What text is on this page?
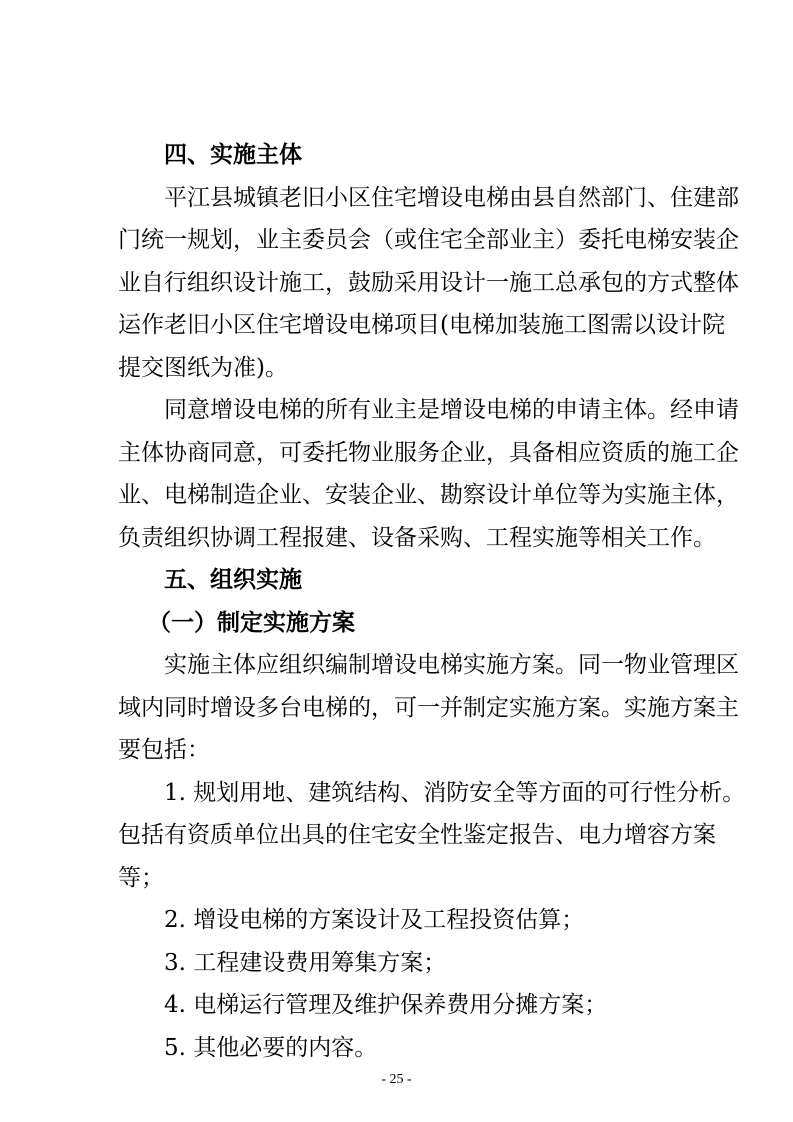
四、实施主体
平江县城镇老旧小区住宅增设电梯由县自然部门、住建部
门统一规划，业主委员会（或住宅全部业主）委托电梯安装企
业自行组织设计施工，鼓励采用设计一施工总承包的方式整体
运作老旧小区住宅增设电梯项目(电梯加装施工图需以设计院
提交图纸为准)。
同意增设电梯的所有业主是增设电梯的申请主体。经申请
主体协商同意，可委托物业服务企业，具备相应资质的施工企
业、电梯制造企业、安装企业、勘察设计单位等为实施主体，
负责组织协调工程报建、设备采购、工程实施等相关工作。
五、组织实施
（一）制定实施方案
实施主体应组织编制增设电梯实施方案。同一物业管理区
域内同时增设多台电梯的，可一并制定实施方案。实施方案主
要包括：
1. 规划用地、建筑结构、消防安全等方面的可行性分析。
包括有资质单位出具的住宅安全性鉴定报告、电力增容方案
等；
2. 增设电梯的方案设计及工程投资估算；
3. 工程建设费用筹集方案；
4. 电梯运行管理及维护保养费用分摊方案；
5. 其他必要的内容。
- 25 -
